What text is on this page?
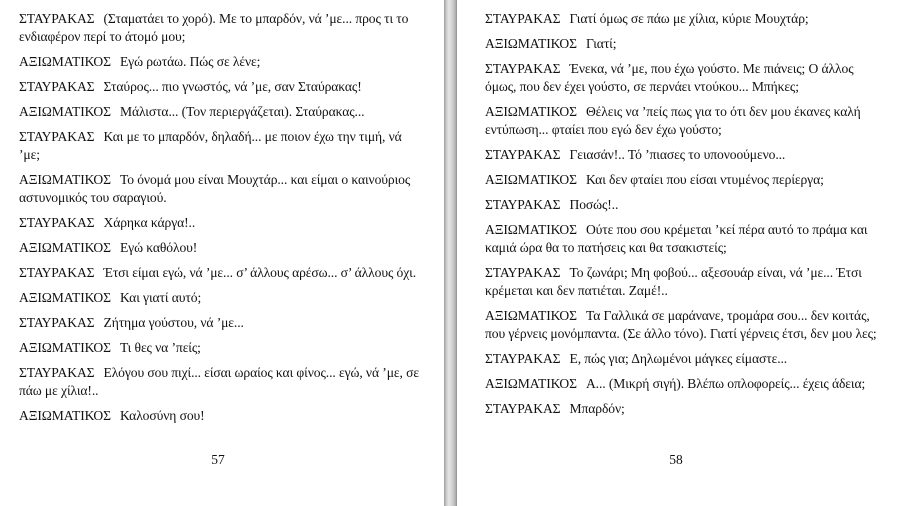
ΣΤΑΥΡΑΚΑΣ (Σταματάει το χορό). Με το μπαρδόν, νά ’με... προς τι το ενδιαφέρον περί το άτομό μου;

ΑΞΙΩΜΑΤΙΚΟΣ Εγώ ρωτάω. Πώς σε λένε;

ΣΤΑΥΡΑΚΑΣ Σταύρος... πιο γνωστός, νά ’με, σαν Σταύρακας!

ΑΞΙΩΜΑΤΙΚΟΣ Μάλιστα... (Τον περιεργάζεται). Σταύρακας...

ΣΤΑΥΡΑΚΑΣ Και με το μπαρδόν, δηλαδή... με ποιον έχω την τιμή, νά ’με;

ΑΞΙΩΜΑΤΙΚΟΣ Το όνομά μου είναι Μουχτάρ... και είμαι ο καινούριος αστυνομικός του σαραγιού.

ΣΤΑΥΡΑΚΑΣ Χάρηκα κάργα!..

ΑΞΙΩΜΑΤΙΚΟΣ Εγώ καθόλου!

ΣΤΑΥΡΑΚΑΣ Έτσι είμαι εγώ, νά ’με... σ’ άλλους αρέσω... σ’ άλλους όχι.

ΑΞΙΩΜΑΤΙΚΟΣ Και γιατί αυτό;

ΣΤΑΥΡΑΚΑΣ Ζήτημα γούστου, νά ’με...

ΑΞΙΩΜΑΤΙΚΟΣ Τι θες να ’πείς;

ΣΤΑΥΡΑΚΑΣ Ελόγου σου πιχί... είσαι ωραίος και φίνος... εγώ, νά ’με, σε πάω με χίλια!..

ΑΞΙΩΜΑΤΙΚΟΣ Καλοσύνη σου!

57

ΣΤΑΥΡΑΚΑΣ Γιατί όμως σε πάω με χίλια, κύριε Μουχτάρ;

ΑΞΙΩΜΑΤΙΚΟΣ Γιατί;

ΣΤΑΥΡΑΚΑΣ Ένεκα, νά ’με, που έχω γούστο. Με πιάνεις; Ο άλλος όμως, που δεν έχει γούστο, σε περνάει ντούκου... Μπήκες;

ΑΞΙΩΜΑΤΙΚΟΣ Θέλεις να ’πείς πως για το ότι δεν μου έκανες καλή εντύπωση... φταίει που εγώ δεν έχω γούστο;

ΣΤΑΥΡΑΚΑΣ Γειασάν!.. Τό ’πιασες το υπονοούμενο...

ΑΞΙΩΜΑΤΙΚΟΣ Και δεν φταίει που είσαι ντυμένος περίεργα;

ΣΤΑΥΡΑΚΑΣ Ποσώς!..

ΑΞΙΩΜΑΤΙΚΟΣ Ούτε που σου κρέμεται ’κεί πέρα αυτό το πράμα και καμιά ώρα θα το πατήσεις και θα τσακιστείς;

ΣΤΑΥΡΑΚΑΣ Το ζωνάρι; Μη φοβού... αξεσουάρ είναι, νά ’με... Έτσι κρέμεται και δεν πατιέται. Ζαμέ!..

ΑΞΙΩΜΑΤΙΚΟΣ Τα Γαλλικά σε μαράνανε, τρομάρα σου... δεν κοιτάς, που γέρνεις μονόμπαντα. (Σε άλλο τόνο). Γιατί γέρνεις έτσι, δεν μου λες;

ΣΤΑΥΡΑΚΑΣ Ε, πώς για; Δηλωμένοι μάγκες είμαστε...

ΑΞΙΩΜΑΤΙΚΟΣ Α... (Μικρή σιγή). Βλέπω οπλοφορείς... έχεις άδεια;

ΣΤΑΥΡΑΚΑΣ Μπαρδόν;

58
